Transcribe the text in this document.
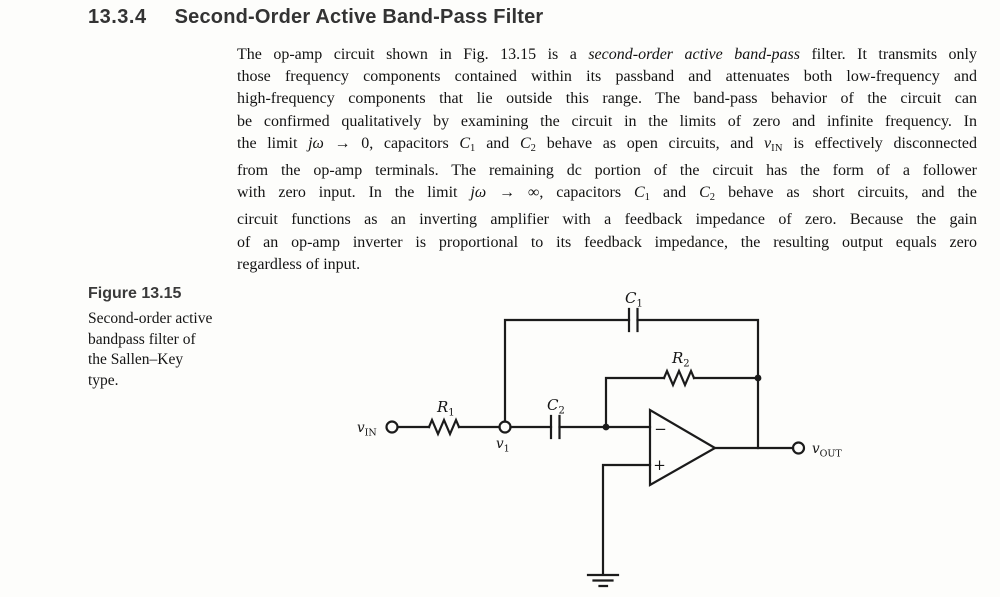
13.3.4 Second-Order Active Band-Pass Filter
The op-amp circuit shown in Fig. 13.15 is a second-order active band-pass filter. It transmits only
those frequency components contained within its passband and attenuates both low-frequency and
high-frequency components that lie outside this range. The band-pass behavior of the circuit can
be confirmed qualitatively by examining the circuit in the limits of zero and infinite frequency. In
the limit jω → 0, capacitors C1 and C2 behave as open circuits, and vIN is effectively disconnected
from the op-amp terminals. The remaining dc portion of the circuit has the form of a follower
with zero input. In the limit jω → ∞, capacitors C1 and C2 behave as short circuits, and the
circuit functions as an inverting amplifier with a feedback impedance of zero. Because the gain
of an op-amp inverter is proportional to its feedback impedance, the resulting output equals zero
regardless of input.
Figure 13.15
Second-order active
bandpass filter of
the Sallen–Key
type.
−
+
$v_{IN}$
$R_1$
$v_1$
$C_2$
$C_1$
$R_2$
$v_{OUT}$
